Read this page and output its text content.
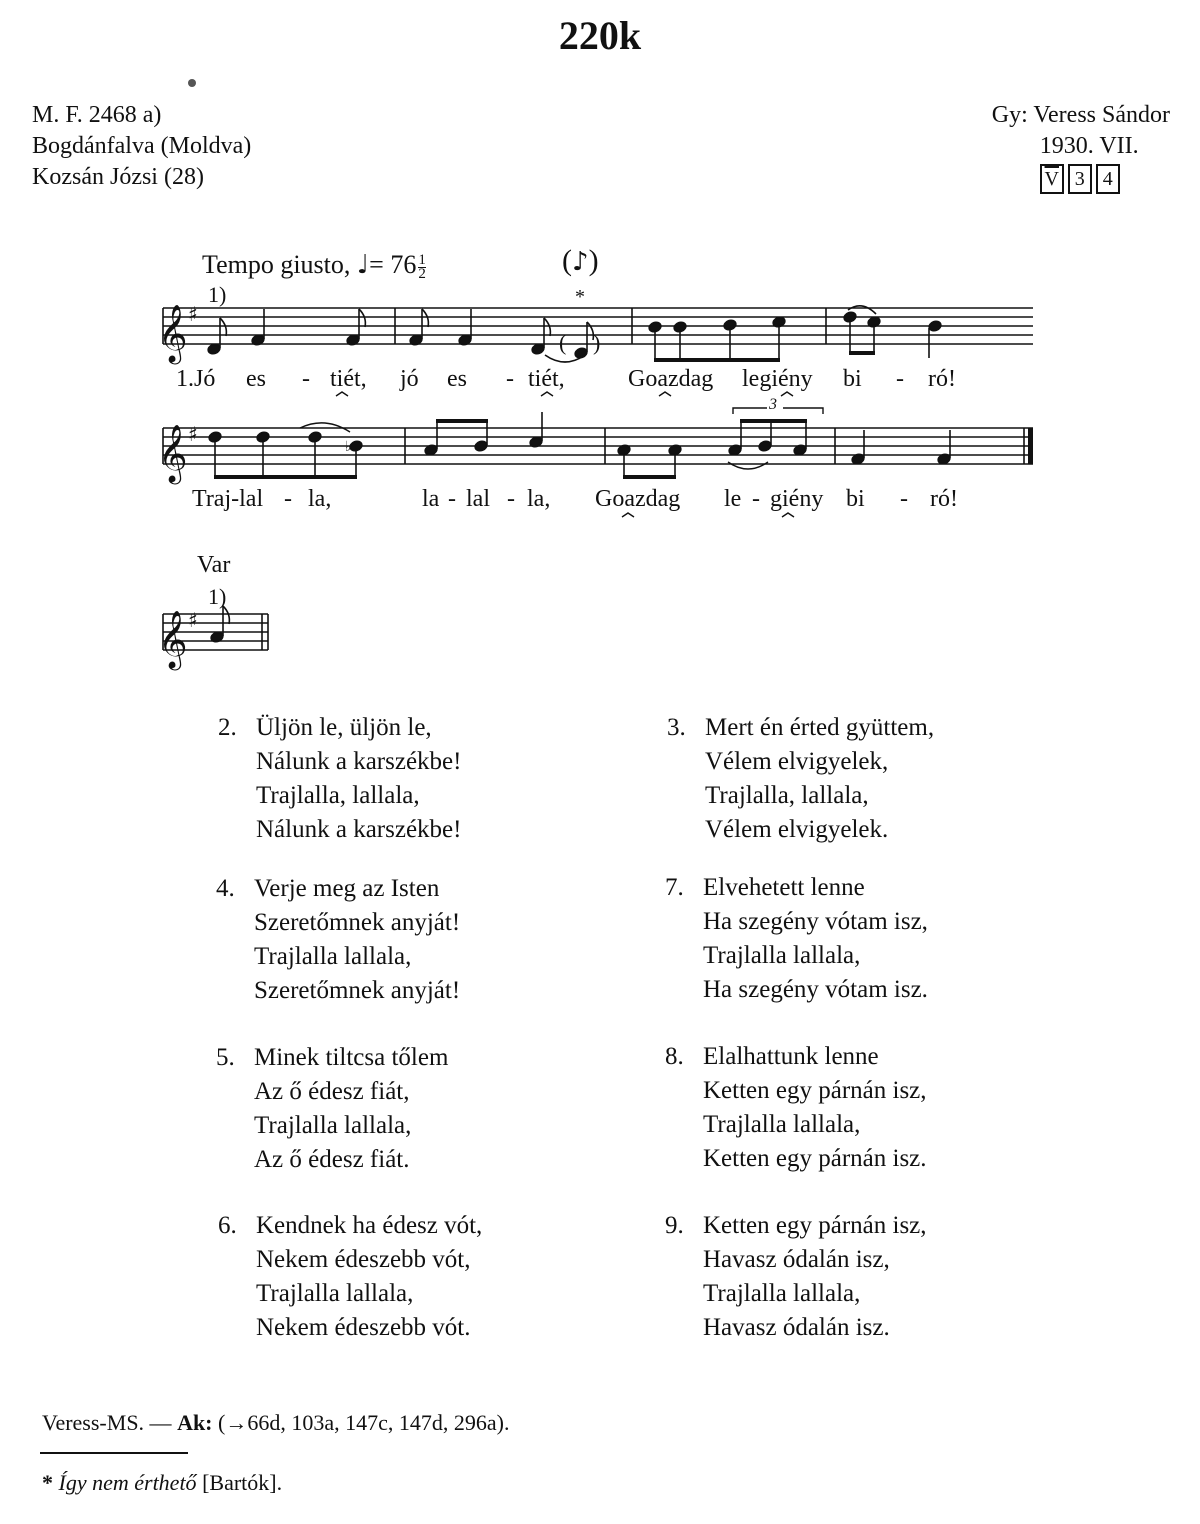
220k
M. F. 2468 a)
Bogdánfalva (Moldva)
Kozsán Józsi (28)
Gy: Veress Sándor
1930. VII.
$\overline{V}$ 3 4
Tempo giusto, ♩= $76 \frac{1}{2}$
𝄞 ♯
𝄞 ♯
𝄞 ♯
♭
1)	*
(♪)
( )
3
1.Jó es - tiét, jó es - tiét,	Goazdag legiény bi - ró!
Traj-lal - la,	la - lal - la, Goazdag le - giény bi - ró!
Var
1)
2. Üljön le, üljön le,
Nálunk a karszékbe!
Trajlalla, lallala,
Nálunk a karszékbe!
3. Mert én érted gyüttem,
Vélem elvigyelek,
Trajlalla, lallala,
Vélem elvigyelek.
4. Verje meg az Isten
Szeretőmnek anyját!
Trajlalla lallala,
Szeretőmnek anyját!
7. Elvehetett lenne
Ha szegény vótam isz,
Trajlalla lallala,
Ha szegény vótam isz.
5. Minek tiltcsa tőlem
Az ő édesz fiát,
Trajlalla lallala,
Az ő édesz fiát.
8. Elalhattunk lenne
Ketten egy párnán isz,
Trajlalla lallala,
Ketten egy párnán isz.
6. Kendnek ha édesz vót,
Nekem édeszebb vót,
Trajlalla lallala,
Nekem édeszebb vót.
9. Ketten egy párnán isz,
Havasz ódalán isz,
Trajlalla lallala,
Havasz ódalán isz.
Veress-MS. — Ak: (→66d, 103a, 147c, 147d, 296a).
* Így nem érthető [Bartók].
